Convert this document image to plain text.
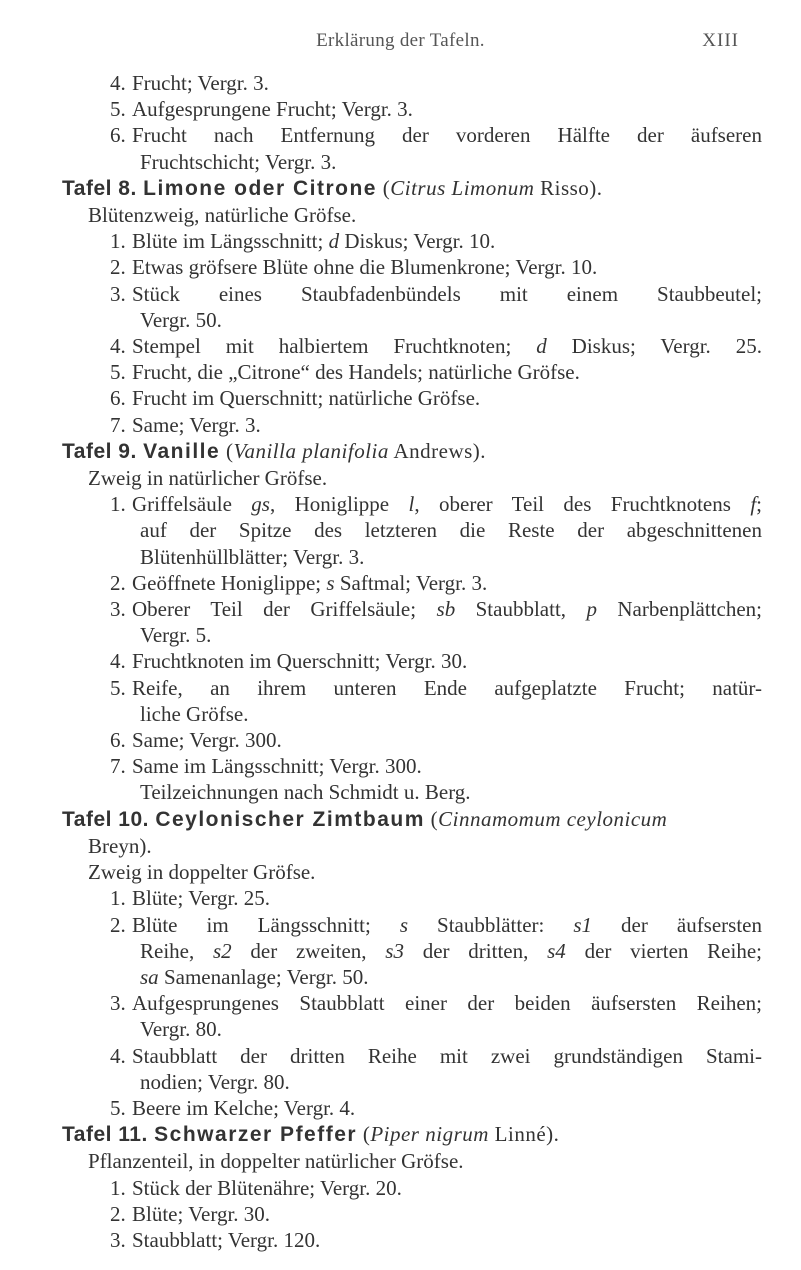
Erklärung der Tafeln.	XIII
4. Frucht; Vergr. 3.
5. Aufgesprungene Frucht; Vergr. 3.
6. Frucht nach Entfernung der vorderen Hälfte der äufseren
Fruchtschicht; Vergr. 3.
Tafel 8. Limone oder Citrone (Citrus Limonum Risso).
Blütenzweig, natürliche Gröfse.
1. Blüte im Längsschnitt; d Diskus; Vergr. 10.
2. Etwas gröfsere Blüte ohne die Blumenkrone; Vergr. 10.
3. Stück eines Staubfadenbündels mit einem Staubbeutel;
Vergr. 50.
4. Stempel mit halbiertem Fruchtknoten; d Diskus; Vergr. 25.
5. Frucht, die „Citrone“ des Handels; natürliche Gröfse.
6. Frucht im Querschnitt; natürliche Gröfse.
7. Same; Vergr. 3.
Tafel 9. Vanille (Vanilla planifolia Andrews).
Zweig in natürlicher Gröfse.
1. Griffelsäule gs, Honiglippe l, oberer Teil des Fruchtknotens f;
auf der Spitze des letzteren die Reste der abgeschnittenen
Blütenhüllblätter; Vergr. 3.
2. Geöffnete Honiglippe; s Saftmal; Vergr. 3.
3. Oberer Teil der Griffelsäule; sb Staubblatt, p Narbenplättchen;
Vergr. 5.
4. Fruchtknoten im Querschnitt; Vergr. 30.
5. Reife, an ihrem unteren Ende aufgeplatzte Frucht; natür-
liche Gröfse.
6. Same; Vergr. 300.
7. Same im Längsschnitt; Vergr. 300.
Teilzeichnungen nach Schmidt u. Berg.
Tafel 10. Ceylonischer Zimtbaum (Cinnamomum ceylonicum
Breyn).
Zweig in doppelter Gröfse.
1. Blüte; Vergr. 25.
2. Blüte im Längsschnitt; s Staubblätter: s1 der äufsersten
Reihe, s2 der zweiten, s3 der dritten, s4 der vierten Reihe;
sa Samenanlage; Vergr. 50.
3. Aufgesprungenes Staubblatt einer der beiden äufsersten Reihen;
Vergr. 80.
4. Staubblatt der dritten Reihe mit zwei grundständigen Stami-
nodien; Vergr. 80.
5. Beere im Kelche; Vergr. 4.
Tafel 11. Schwarzer Pfeffer (Piper nigrum Linné).
Pflanzenteil, in doppelter natürlicher Gröfse.
1. Stück der Blütenähre; Vergr. 20.
2. Blüte; Vergr. 30.
3. Staubblatt; Vergr. 120.
